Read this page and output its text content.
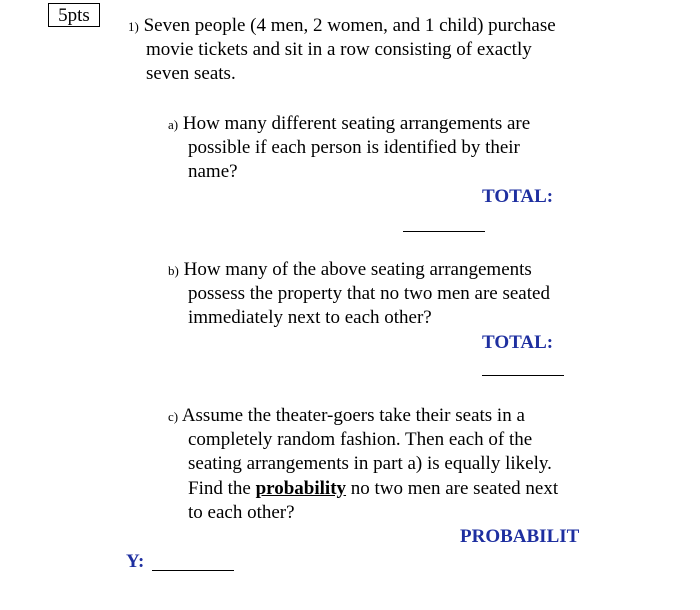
5pts
1) Seven people (4 men, 2 women, and 1 child) purchase
movie tickets and sit in a row consisting of exactly
seven seats.
a) How many different seating arrangements are
possible if each person is identified by their
name?
TOTAL:
b) How many of the above seating arrangements
possess the property that no two men are seated
immediately next to each other?
TOTAL:
c) Assume the theater-goers take their seats in a
completely random fashion. Then each of the
seating arrangements in part a) is equally likely.
Find the probability no two men are seated next
to each other?
PROBABILIT
Y:
